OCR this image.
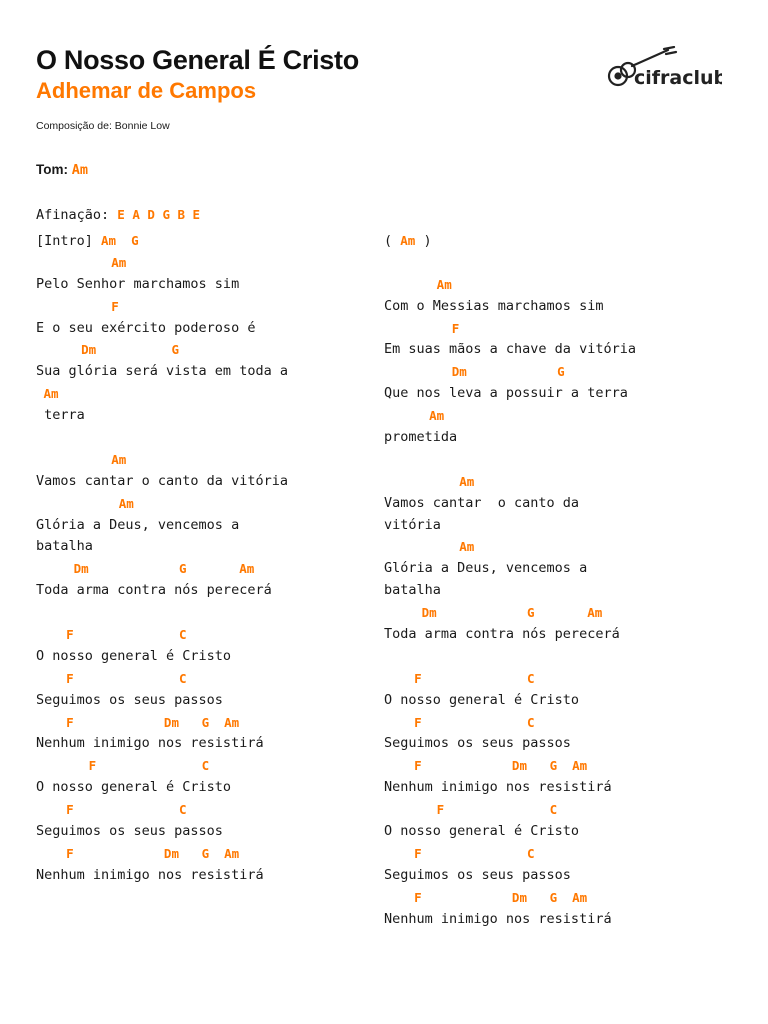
O Nosso General É Cristo
Adhemar de Campos
Composição de: Bonnie Low
cifraclub
Tom: Am
Afinação: E A D G B E
[Intro] Am  G
Am
Pelo Senhor marchamos sim
F
E o seu exército poderoso é
Dm          G
Sua glória será vista em toda a
Am
terra

Am
Vamos cantar o canto da vitória
Am
Glória a Deus, vencemos a
batalha
Dm            G       Am
Toda arma contra nós perecerá

F              C
O nosso general é Cristo
F              C
Seguimos os seus passos
F            Dm   G  Am
Nenhum inimigo nos resistirá
F              C
O nosso general é Cristo
F              C
Seguimos os seus passos
F            Dm   G  Am
Nenhum inimigo nos resistirá
( Am )

Am
Com o Messias marchamos sim
F
Em suas mãos a chave da vitória
Dm            G
Que nos leva a possuir a terra
Am
prometida

Am
Vamos cantar  o canto da
vitória
Am
Glória a Deus, vencemos a
batalha
Dm            G       Am
Toda arma contra nós perecerá

F              C
O nosso general é Cristo
F              C
Seguimos os seus passos
F            Dm   G  Am
Nenhum inimigo nos resistirá
F              C
O nosso general é Cristo
F              C
Seguimos os seus passos
F            Dm   G  Am
Nenhum inimigo nos resistirá
